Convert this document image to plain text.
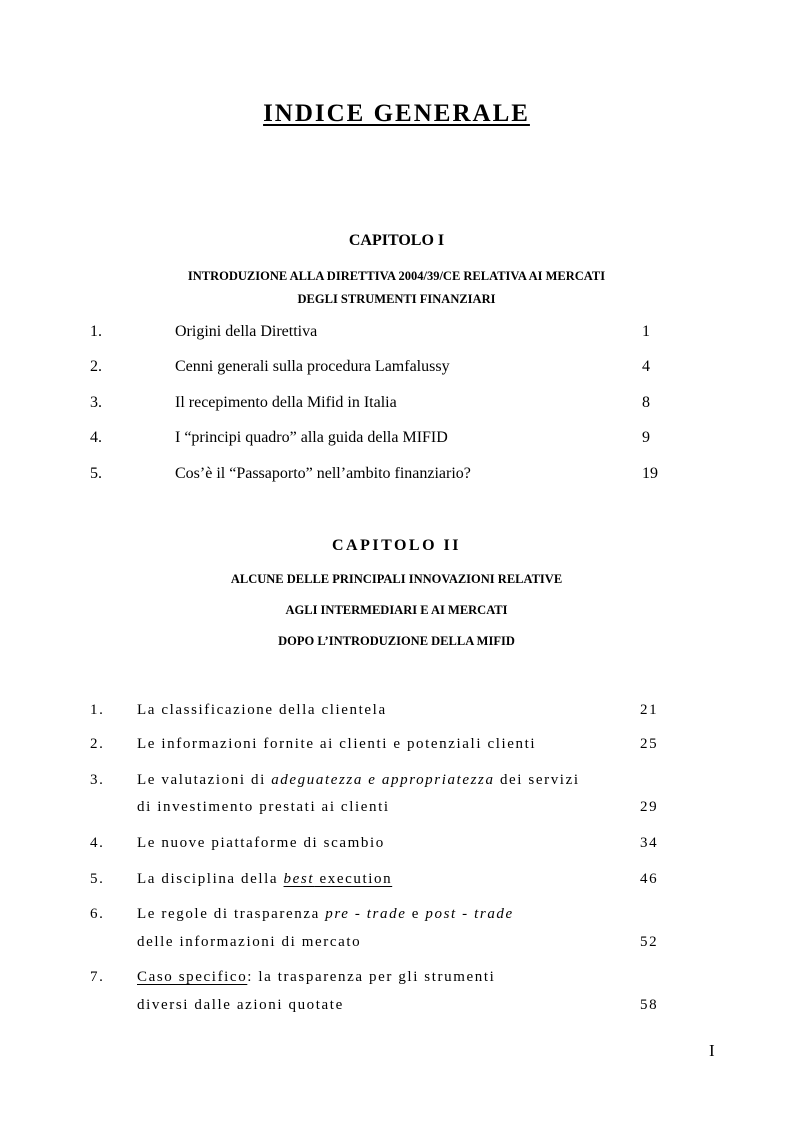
INDICE GENERALE
CAPITOLO I
INTRODUZIONE ALLA DIRETTIVA 2004/39/CE RELATIVA AI MERCATI
DEGLI STRUMENTI FINANZIARI
1.	Origini della Direttiva	1
2.	Cenni generali sulla procedura Lamfalussy	4
3.	Il recepimento della Mifid in Italia	8
4.	I “principi quadro” alla guida della MIFID	9
5.	Cos’è il “Passaporto” nell’ambito finanziario?	19
CAPITOLO II
ALCUNE DELLE PRINCIPALI INNOVAZIONI RELATIVE
AGLI INTERMEDIARI E AI MERCATI
DOPO L’INTRODUZIONE DELLA MIFID
1. La classificazione della clientela	21
2. Le informazioni fornite ai clienti e potenziali clienti	25
3. Le valutazioni di adeguatezza e appropriatezza dei servizi
di investimento prestati ai clienti	29
4. Le nuove piattaforme di scambio	34
5. La disciplina della best execution	46
6. Le regole di trasparenza pre - trade e post - trade
delle informazioni di mercato	52
7. Caso specifico: la trasparenza per gli strumenti
diversi dalle azioni quotate	58
I
